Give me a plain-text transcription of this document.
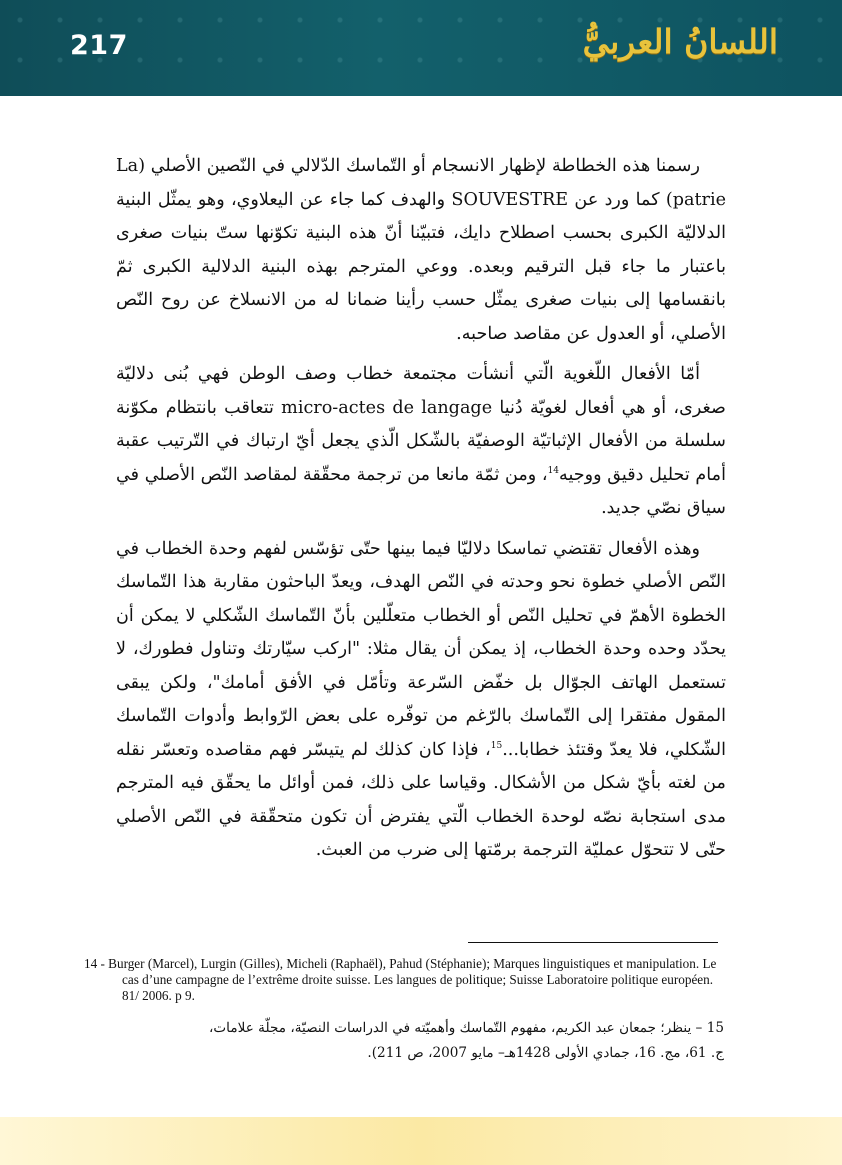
217	اللسانُ العربيُّ

رسمنا هذه الخطاطة لإظهار الانسجام أو التّماسك الدّلالي في النّصين الأصلي (La patrie) كما ورد عن SOUVESTRE والهدف كما جاء عن اليعلاوي، وهو يمثّل البنية الدلاليّة الكبرى بحسب اصطلاح دايك، فتبيّنا أنّ هذه البنية تكوّنها ستّ بنيات صغرى باعتبار ما جاء قبل الترقيم وبعده. ووعي المترجم بهذه البنية الدلالية الكبرى ثمّ بانقسامها إلى بنيات صغرى يمثّل حسب رأينا ضمانا له من الانسلاخ عن روح النّص الأصلي، أو العدول عن مقاصد صاحبه.

أمّا الأفعال اللّغوية الّتي أنشأت مجتمعة خطاب وصف الوطن فهي بُنى دلاليّة صغرى، أو هي أفعال لغويّة دُنيا micro-actes de langage تتعاقب بانتظام مكوّنة سلسلة من الأفعال الإثباتيّة الوصفيّة بالشّكل الّذي يجعل أيّ ارتباك في التّرتيب عقبة أمام تحليل دقيق ووجيه$^{14}$، ومن ثمّة مانعا من ترجمة محقّقة لمقاصد النّص الأصلي في سياق نصّي جديد.

وهذه الأفعال تقتضي تماسكا دلاليّا فيما بينها حتّى تؤسّس لفهم وحدة الخطاب في النّص الأصلي خطوة نحو وحدته في النّص الهدف، ويعدّ الباحثون مقاربة هذا التّماسك الخطوة الأهمّ في تحليل النّص أو الخطاب متعلّلين بأنّ التّماسك الشّكلي لا يمكن أن يحدّد وحده وحدة الخطاب، إذ يمكن أن يقال مثلا: "اركب سيّارتك وتناول فطورك، لا تستعمل الهاتف الجوّال بل خفّض السّرعة وتأمّل في الأفق أمامك"، ولكن يبقى المقول مفتقرا إلى التّماسك بالرّغم من توفّره على بعض الرّوابط وأدوات التّماسك الشّكلي، فلا يعدّ وقتئذ خطابا...$^{15}$، فإذا كان كذلك لم يتيسّر فهم مقاصده وتعسّر نقله من لغته بأيّ شكل من الأشكال. وقياسا على ذلك، فمن أوائل ما يحقّق فيه المترجم مدى استجابة نصّه لوحدة الخطاب الّتي يفترض أن تكون متحقّقة في النّص الأصلي حتّى لا تتحوّل عمليّة الترجمة برمّتها إلى ضرب من العبث.

14 - Burger (Marcel), Lurgin (Gilles), Micheli (Raphaël), Pahud (Stéphanie); Marques linguistiques et manipulation. Le cas d’une campagne de l’extrême droite suisse. Les langues de politique; Suisse Laboratoire politique européen. 81/ 2006. p 9.
15 – ينظر؛ جمعان عبد الكريم، مفهوم التّماسك وأهميّته في الدراسات النصيّة، مجلّة علامات،
ج. 61، مج. 16، جمادي الأولى 1428هـ– مايو 2007، ص 211).
